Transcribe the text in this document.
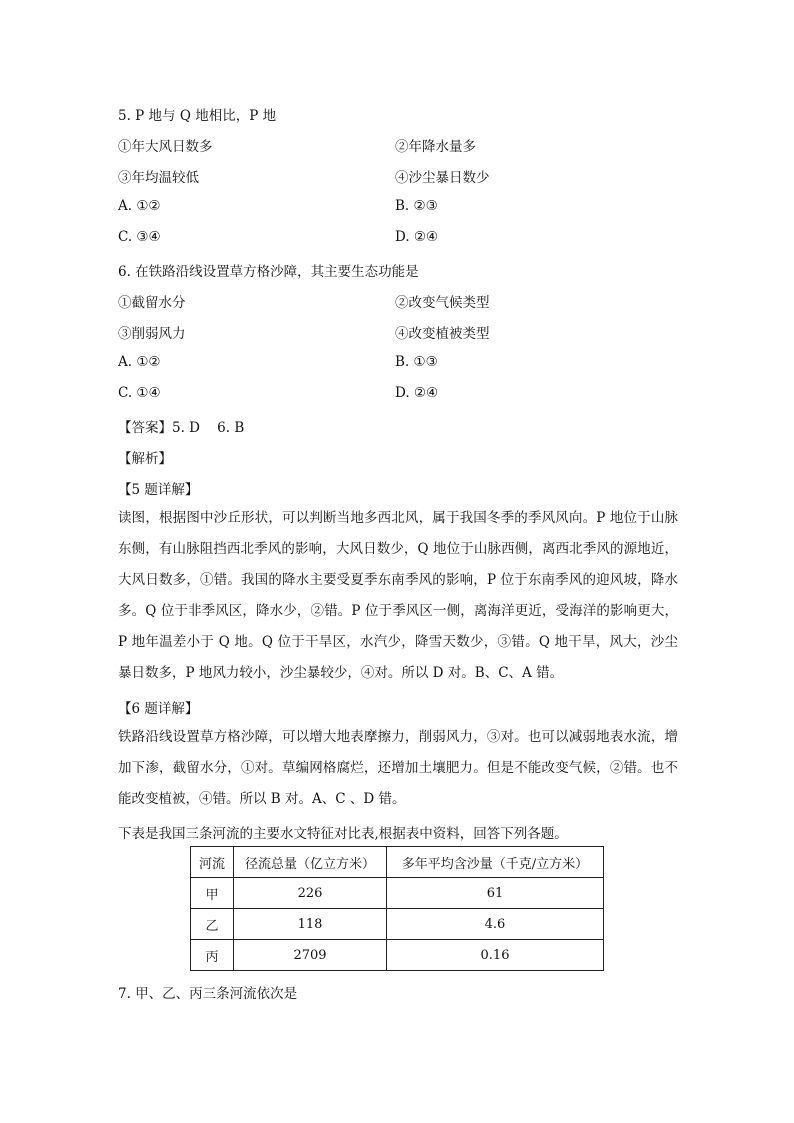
5. P 地与 Q 地相比，P 地
①年大风日数多	②年降水量多
③年均温较低	④沙尘暴日数少
A. ①②	B. ②③
C. ③④	D. ②④
6. 在铁路沿线设置草方格沙障，其主要生态功能是
①截留水分	②改变气候类型
③削弱风力	④改变植被类型
A. ①②	B. ①③
C. ①④	D. ②④
【答案】5. D    6. B
【解析】
【5 题详解】
读图，根据图中沙丘形状，可以判断当地多西北风，属于我国冬季的季风风向。P 地位于山脉东侧，有山脉阻挡西北季风的影响，大风日数少，Q 地位于山脉西侧，离西北季风的源地近，大风日数多，①错。我国的降水主要受夏季东南季风的影响，P 位于东南季风的迎风坡，降水多。Q 位于非季风区，降水少，②错。P 位于季风区一侧，离海洋更近，受海洋的影响更大，P 地年温差小于 Q 地。Q 位于干旱区，水汽少，降雪天数少，③错。Q 地干旱，风大，沙尘暴日数多，P 地风力较小，沙尘暴较少，④对。所以 D 对。B、C、A 错。
【6 题详解】
铁路沿线设置草方格沙障，可以增大地表摩擦力，削弱风力，③对。也可以减弱地表水流，增加下渗，截留水分，①对。草编网格腐烂，还增加土壤肥力。但是不能改变气候，②错。也不能改变植被，④错。所以 B 对。A、C 、D 错。
下表是我国三条河流的主要水文特征对比表,根据表中资料，回答下列各题。
河流	径流总量（亿立方米）	多年平均含沙量（千克/立方米）
甲	226	61
乙	118	4.6
丙	2709	0.16
7. 甲、乙、丙三条河流依次是
